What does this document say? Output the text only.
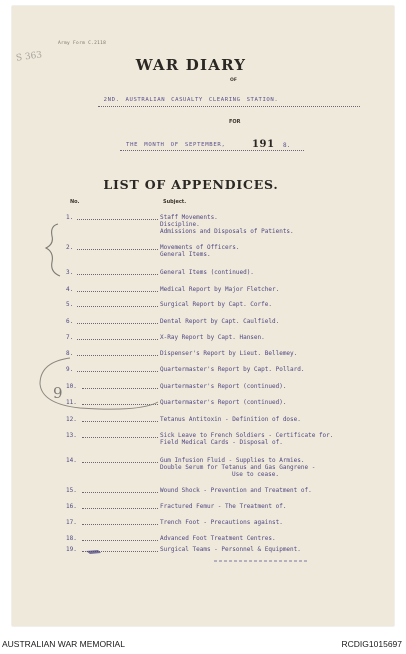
Army Form C.2118
S 363	WAR DIARY
OF
2ND. AUSTRALIAN CASUALTY CLEARING STATION.
FOR
THE MONTH OF SEPTEMBER,	191 8.
LIST OF APPENDICES.
No.	Subject.
1.	Staff Movements.
Discipline.
Admissions and Disposals of Patients.
2.	Movements of Officers.
General Items.
3.	General Items (continued).
4.	Medical Report by Major Fletcher.
5.	Surgical Report by Capt. Corfe.
6.	Dental Report by Capt. Caulfield.
7.	X-Ray Report by Capt. Hansen.
8.	Dispenser's Report by Lieut. Bellemey.
9.	Quartermaster's Report by Capt. Pollard.
10.	Quartermaster's Report (continued).
11.	Quartermaster's Report (continued).
12.	Tetanus Antitoxin - Definition of dose.
13.	Sick Leave to French Soldiers - Certificate for.
Field Medical Cards - Disposal of.
14.	Gum Infusion Fluid - Supplies to Armies.
Double Serum for Tetanus and Gas Gangrene -
Use to cease.
15.	Wound Shock - Prevention and Treatment of.
16.	Fractured Femur - The Treatment of.
17.	Trench Foot - Precautions against.
18.	Advanced Foot Treatment Centres.
19.	Surgical Teams - Personnel & Equipment.
9
AUSTRALIAN WAR MEMORIAL	RCDIG1015697
